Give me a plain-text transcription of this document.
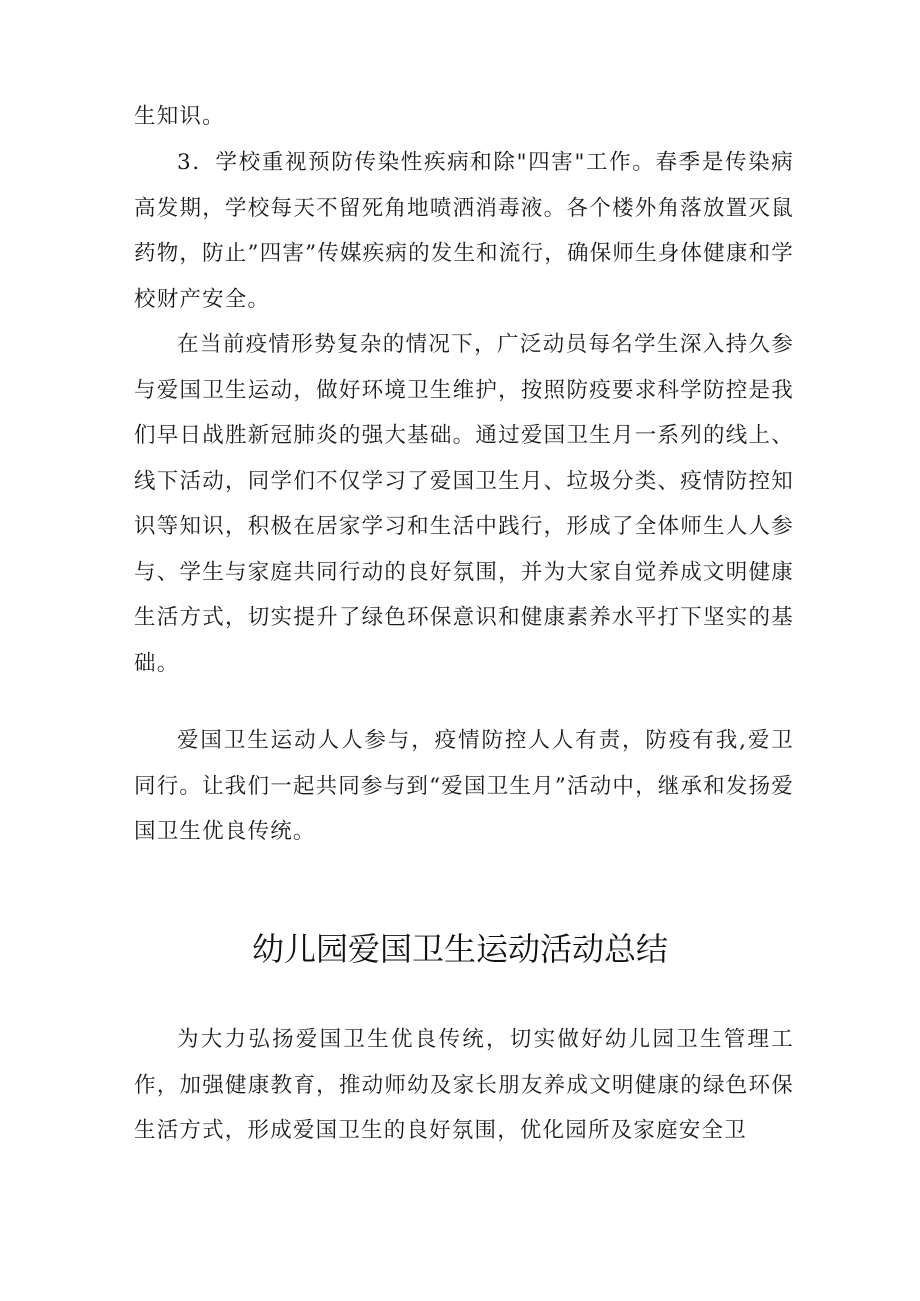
生知识。

3．学校重视预防传染性疾病和除"四害"工作。春季是传染病高发期，学校每天不留死角地喷洒消毒液。各个楼外角落放置灭鼠药物，防止”四害”传媒疾病的发生和流行，确保师生身体健康和学校财产安全。

在当前疫情形势复杂的情况下，广泛动员每名学生深入持久参与爱国卫生运动，做好环境卫生维护，按照防疫要求科学防控是我们早日战胜新冠肺炎的强大基础。通过爱国卫生月一系列的线上、线下活动，同学们不仅学习了爱国卫生月、垃圾分类、疫情防控知识等知识，积极在居家学习和生活中践行，形成了全体师生人人参与、学生与家庭共同行动的良好氛围，并为大家自觉养成文明健康生活方式，切实提升了绿色环保意识和健康素养水平打下坚实的基础。

爱国卫生运动人人参与，疫情防控人人有责，防疫有我,爱卫同行。让我们一起共同参与到“爱国卫生月”活动中，继承和发扬爱国卫生优良传统。

幼儿园爱国卫生运动活动总结

为大力弘扬爱国卫生优良传统，切实做好幼儿园卫生管理工作，加强健康教育，推动师幼及家长朋友养成文明健康的绿色环保生活方式，形成爱国卫生的良好氛围，优化园所及家庭安全卫
